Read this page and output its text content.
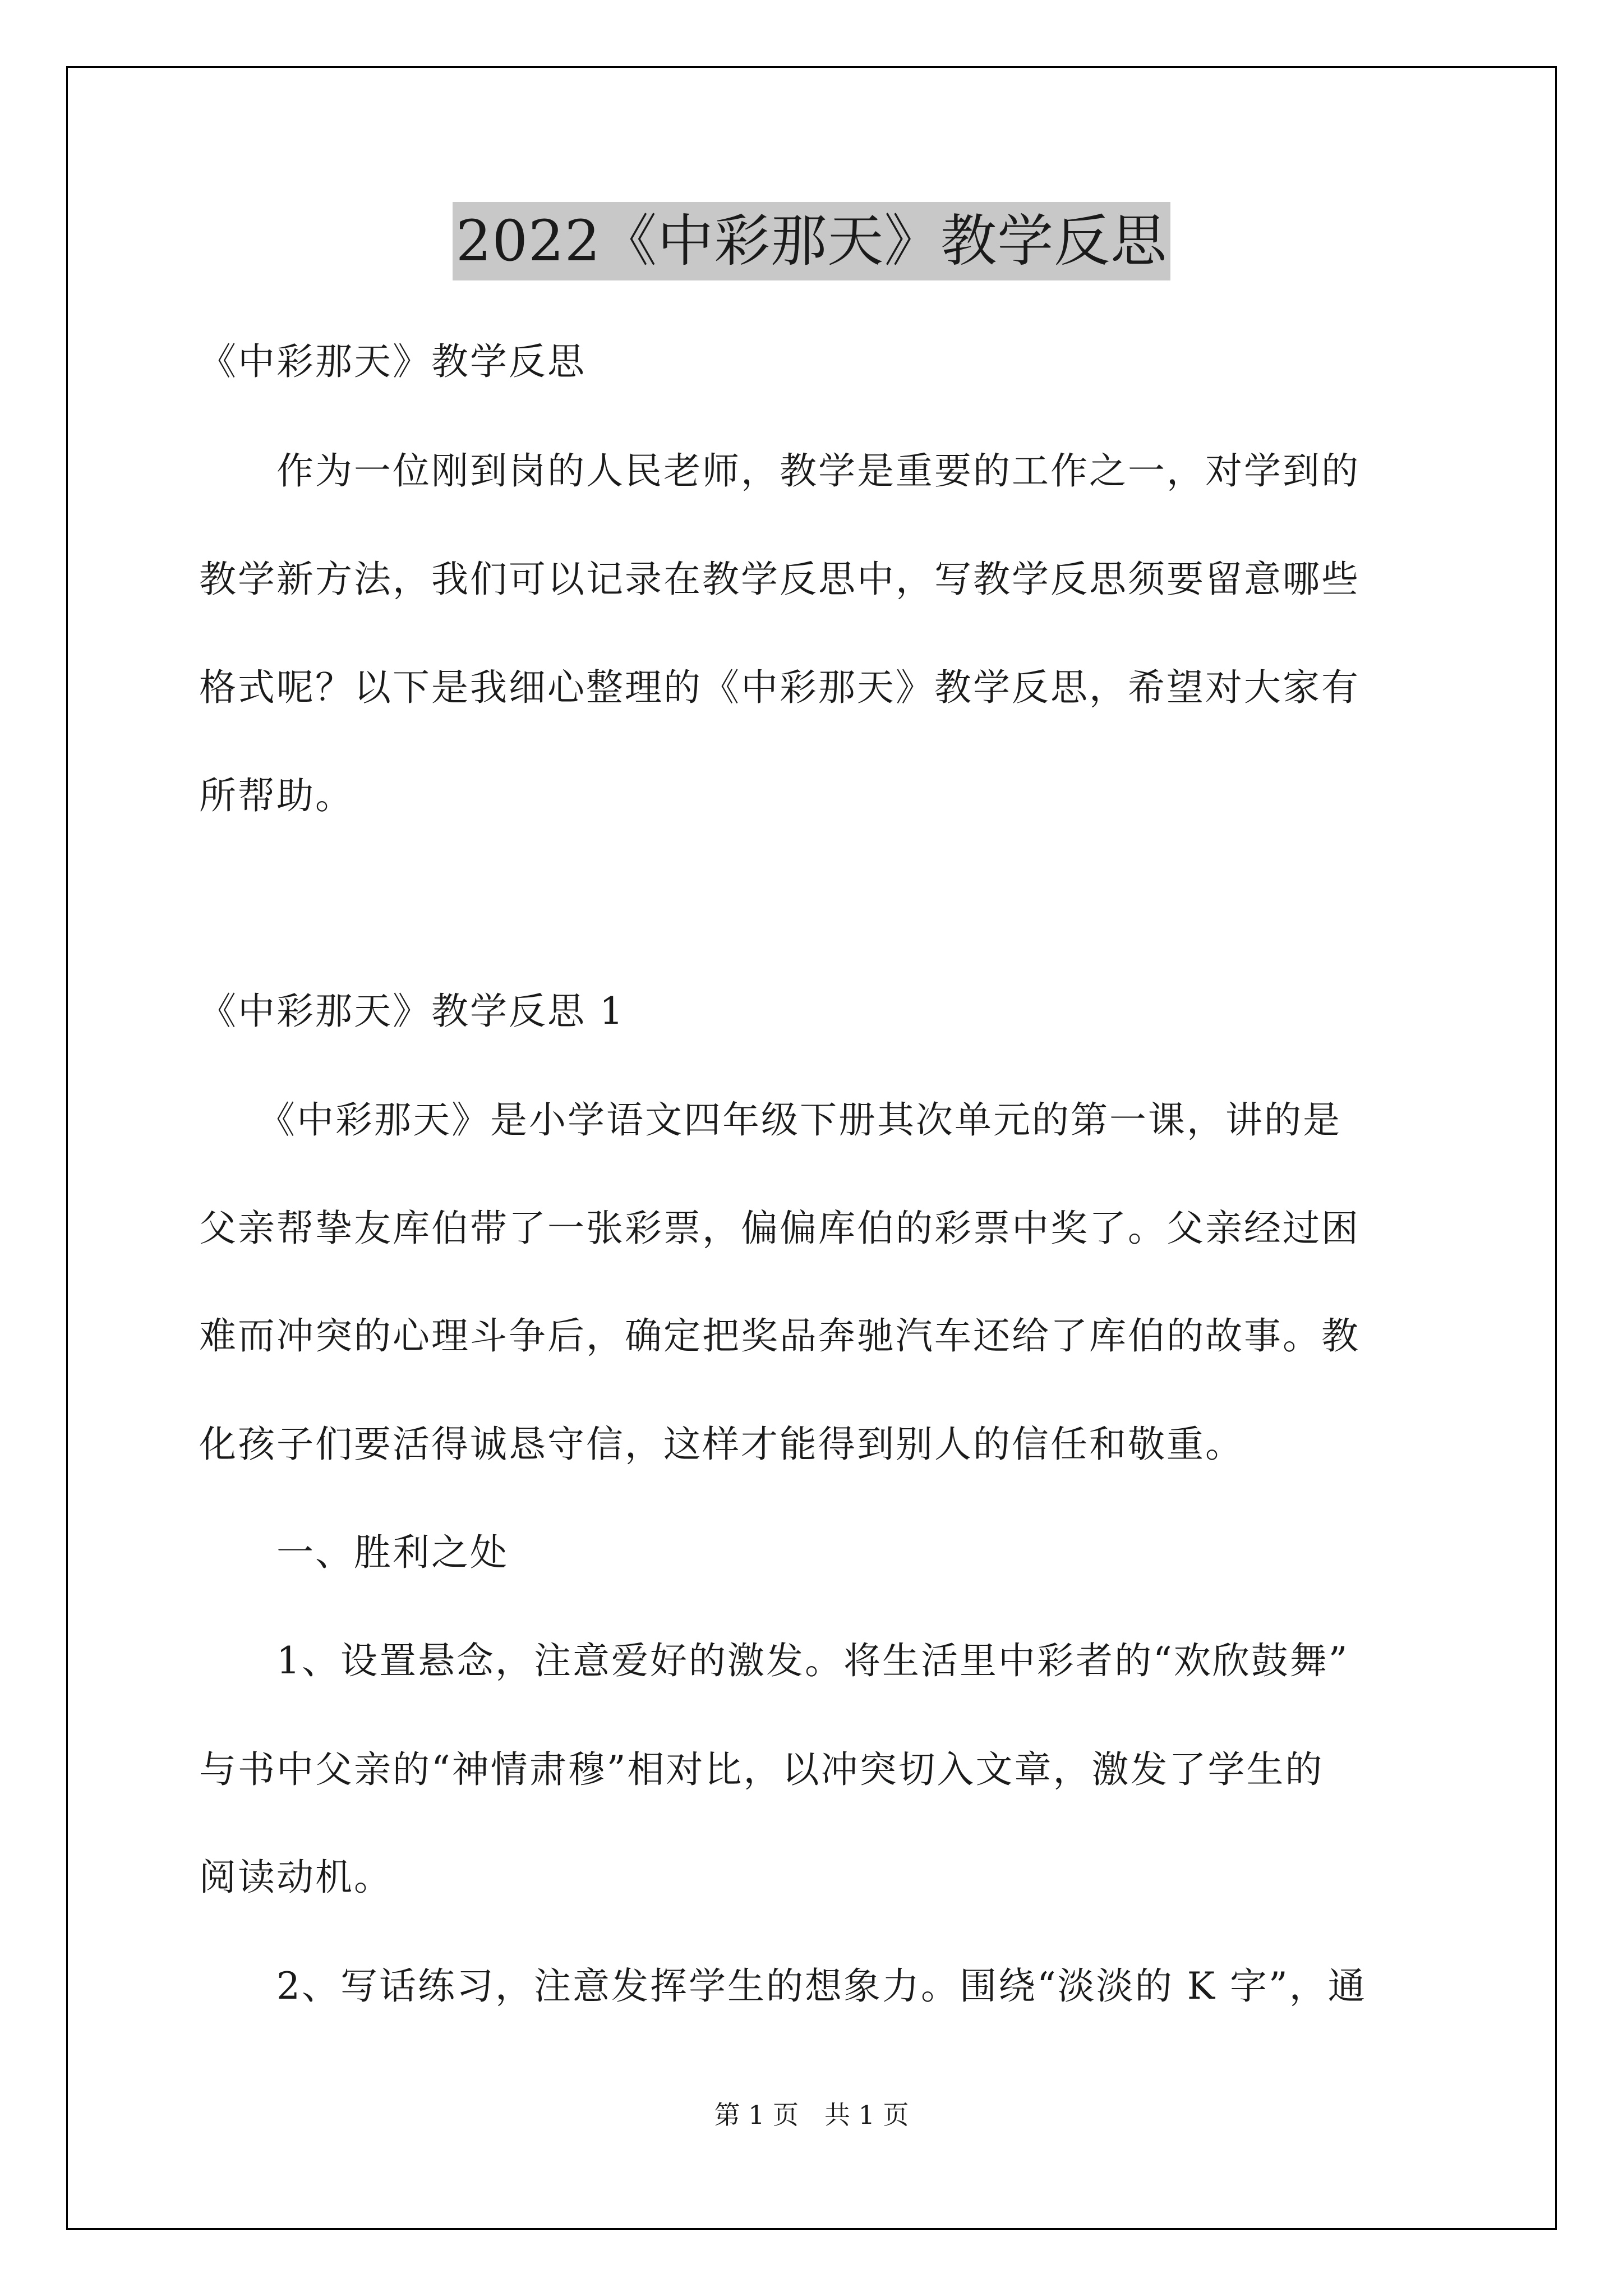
2022《中彩那天》教学反思
《中彩那天》教学反思
　　作为一位刚到岗的人民老师，教学是重要的工作之一，对学到的
教学新方法，我们可以记录在教学反思中，写教学反思须要留意哪些
格式呢？以下是我细心整理的《中彩那天》教学反思，希望对大家有
所帮助。
《中彩那天》教学反思 1
　　《中彩那天》是小学语文四年级下册其次单元的第一课，讲的是
父亲帮挚友库伯带了一张彩票，偏偏库伯的彩票中奖了。父亲经过困
难而冲突的心理斗争后，确定把奖品奔驰汽车还给了库伯的故事。教
化孩子们要活得诚恳守信，这样才能得到别人的信任和敬重。
　　一、胜利之处
　　1、设置悬念，注意爱好的激发。将生活里中彩者的“欢欣鼓舞”
与书中父亲的“神情肃穆”相对比，以冲突切入文章，激发了学生的
阅读动机。
　　2、写话练习，注意发挥学生的想象力。围绕“淡淡的 K 字”，通
第 1 页　共 1 页
